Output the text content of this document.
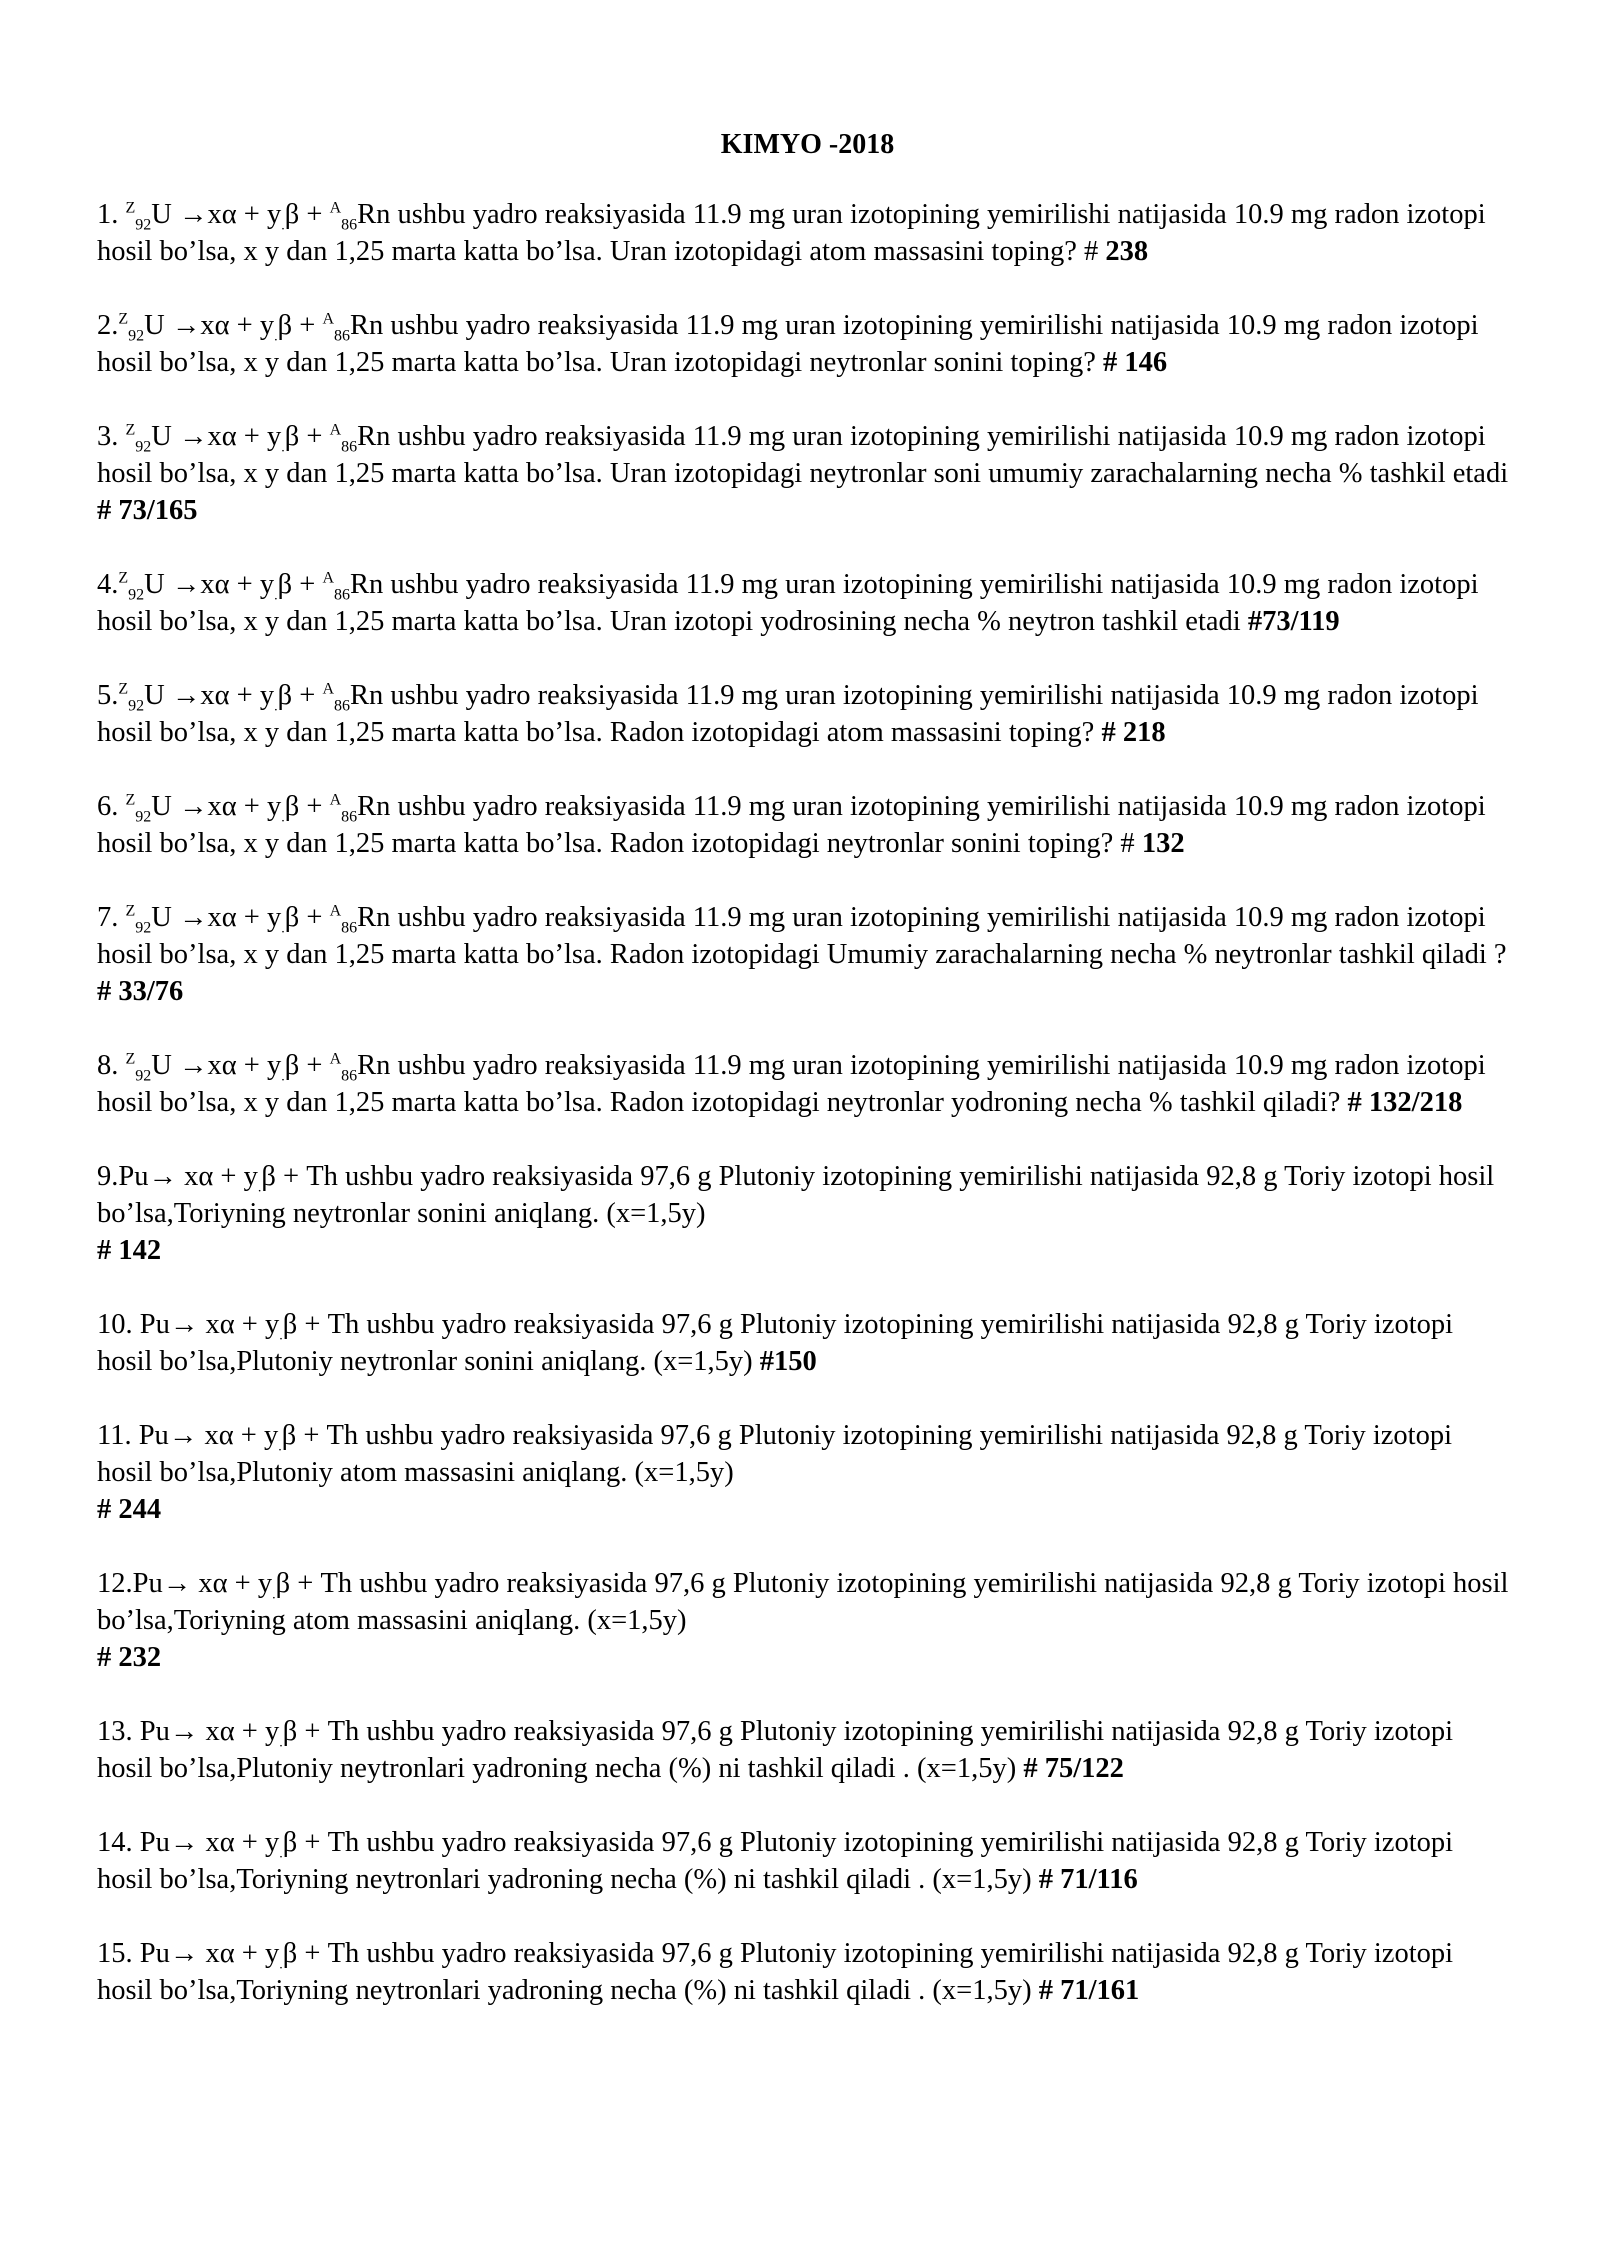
KIMYO -2018
1. $^Z_{92}U \to x\alpha + y_.\beta + ^A_{86}Rn$ ushbu yadro reaksiyasida 11.9 mg uran izotopining yemirilishi natijasida 10.9 mg radon izotopi hosil bo’lsa, x y dan 1,25 marta katta bo’lsa. Uran izotopidagi atom massasini toping? # 238
$2.^Z_{92}U \to x\alpha + y_.\beta + ^A_{86}Rn$ ushbu yadro reaksiyasida 11.9 mg uran izotopining yemirilishi natijasida 10.9 mg radon izotopi hosil bo’lsa, x y dan 1,25 marta katta bo’lsa. Uran izotopidagi neytronlar sonini toping? # 146
3. $^Z_{92}U \to x\alpha + y_.\beta + ^A_{86}Rn$ ushbu yadro reaksiyasida 11.9 mg uran izotopining yemirilishi natijasida 10.9 mg radon izotopi hosil bo’lsa, x y dan 1,25 marta katta bo’lsa. Uran izotopidagi neytronlar soni umumiy zarachalarning necha % tashkil etadi # 73/165
$4.^Z_{92}U \to x\alpha + y_.\beta + ^A_{86}Rn$ ushbu yadro reaksiyasida 11.9 mg uran izotopining yemirilishi natijasida 10.9 mg radon izotopi hosil bo’lsa, x y dan 1,25 marta katta bo’lsa. Uran izotopi yodrosining necha % neytron tashkil etadi #73/119
$5.^Z_{92}U \to x\alpha + y_.\beta + ^A_{86}Rn$ ushbu yadro reaksiyasida 11.9 mg uran izotopining yemirilishi natijasida 10.9 mg radon izotopi hosil bo’lsa, x y dan 1,25 marta katta bo’lsa. Radon izotopidagi atom massasini toping? # 218
6. $^Z_{92}U \to x\alpha + y_.\beta + ^A_{86}Rn$ ushbu yadro reaksiyasida 11.9 mg uran izotopining yemirilishi natijasida 10.9 mg radon izotopi hosil bo’lsa, x y dan 1,25 marta katta bo’lsa. Radon izotopidagi neytronlar sonini toping? # 132
7. $^Z_{92}U \to x\alpha + y_.\beta + ^A_{86}Rn$ ushbu yadro reaksiyasida 11.9 mg uran izotopining yemirilishi natijasida 10.9 mg radon izotopi hosil bo’lsa, x y dan 1,25 marta katta bo’lsa. Radon izotopidagi Umumiy zarachalarning necha % neytronlar tashkil qiladi ? # 33/76
8. $^Z_{92}U \to x\alpha + y_.\beta + ^A_{86}Rn$ ushbu yadro reaksiyasida 11.9 mg uran izotopining yemirilishi natijasida 10.9 mg radon izotopi hosil bo’lsa, x y dan 1,25 marta katta bo’lsa. Radon izotopidagi neytronlar yodroning necha % tashkil qiladi? # 132/218
$9.Pu\to x\alpha + y_.\beta + Th$ ushbu yadro reaksiyasida 97,6 g Plutoniy izotopining yemirilishi natijasida 92,8 g Toriy izotopi hosil bo’lsa,Toriyning neytronlar sonini aniqlang. (x=1,5y)
# 142
10. $Pu\to x\alpha + y_.\beta + Th$ ushbu yadro reaksiyasida 97,6 g Plutoniy izotopining yemirilishi natijasida 92,8 g Toriy izotopi hosil bo’lsa,Plutoniy neytronlar sonini aniqlang. (x=1,5y) #150
11. $Pu\to x\alpha + y_.\beta + Th$ ushbu yadro reaksiyasida 97,6 g Plutoniy izotopining yemirilishi natijasida 92,8 g Toriy izotopi hosil bo’lsa,Plutoniy atom massasini aniqlang. (x=1,5y)
# 244
$12.Pu\to x\alpha + y_.\beta + Th$ ushbu yadro reaksiyasida 97,6 g Plutoniy izotopining yemirilishi natijasida 92,8 g Toriy izotopi hosil bo’lsa,Toriyning atom massasini aniqlang. (x=1,5y)
# 232
13. $Pu\to x\alpha + y_.\beta + Th$ ushbu yadro reaksiyasida 97,6 g Plutoniy izotopining yemirilishi natijasida 92,8 g Toriy izotopi hosil bo’lsa,Plutoniy neytronlari yadroning necha (%) ni tashkil qiladi . (x=1,5y) # 75/122
14. $Pu\to x\alpha + y_.\beta + Th$ ushbu yadro reaksiyasida 97,6 g Plutoniy izotopining yemirilishi natijasida 92,8 g Toriy izotopi hosil bo’lsa,Toriyning neytronlari yadroning necha (%) ni tashkil qiladi . (x=1,5y) # 71/116
15. $Pu\to x\alpha + y_.\beta + Th$ ushbu yadro reaksiyasida 97,6 g Plutoniy izotopining yemirilishi natijasida 92,8 g Toriy izotopi hosil bo’lsa,Toriyning neytronlari yadroning necha (%) ni tashkil qiladi . (x=1,5y) # 71/161
